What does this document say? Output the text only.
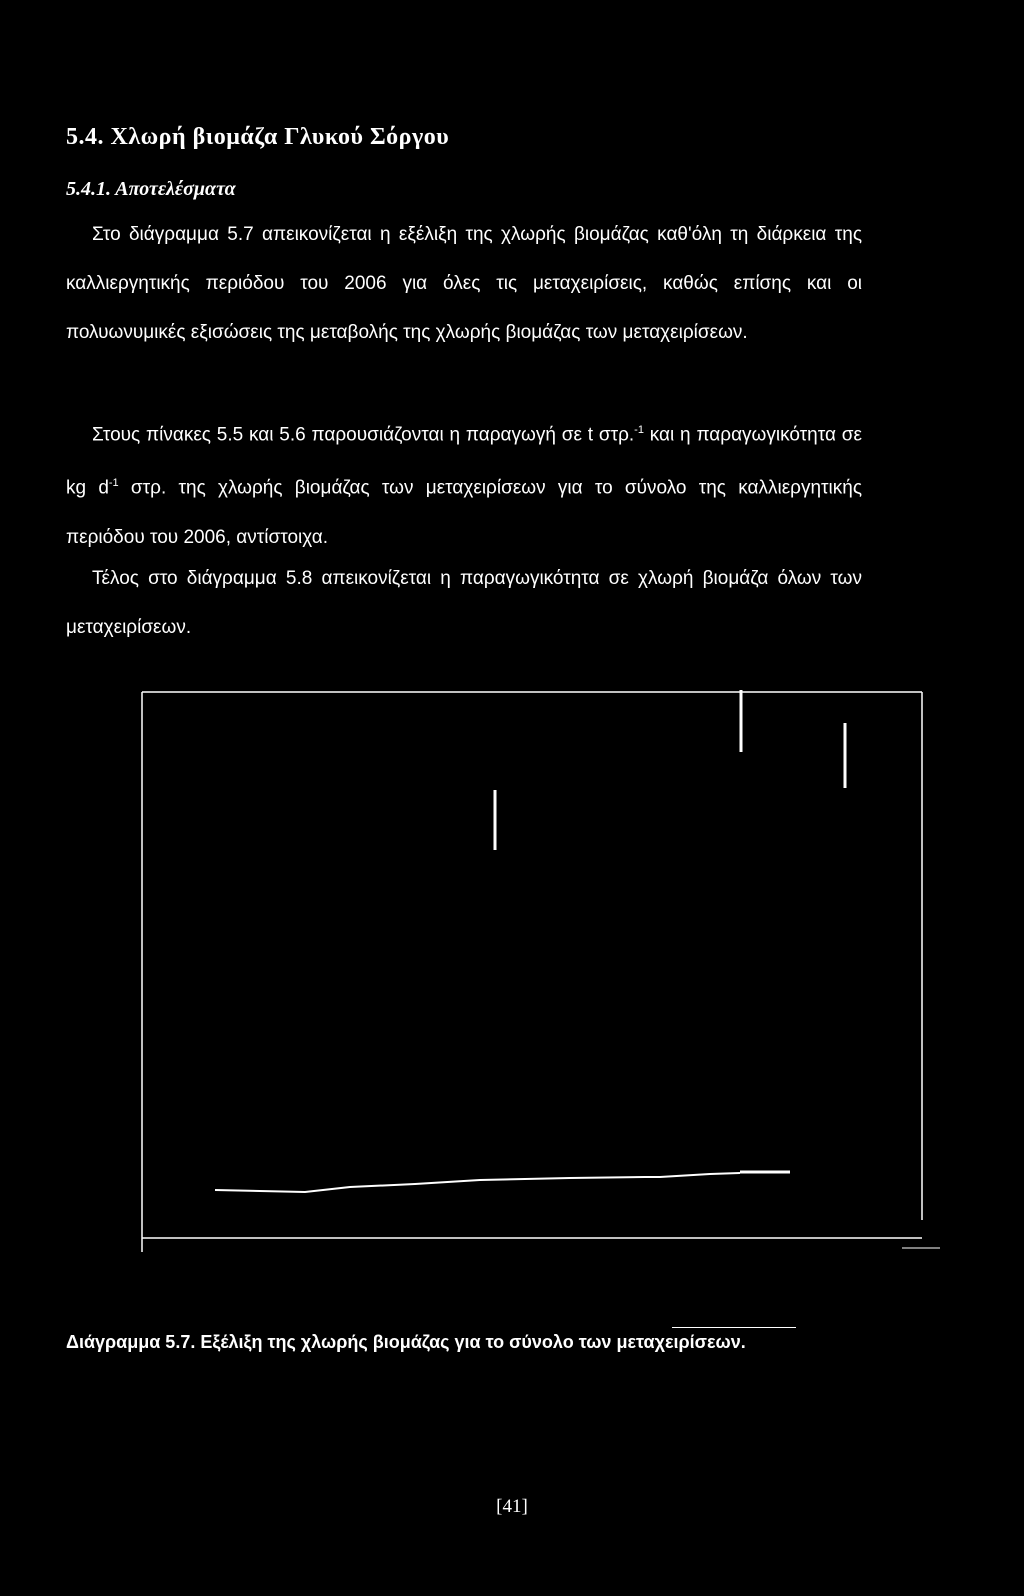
5.4. Χλωρή βιομάζα Γλυκού Σόργου
5.4.1. Αποτελέσματα

Στο διάγραμμα 5.7 απεικονίζεται η εξέλιξη της χλωρής βιομάζας καθ'όλη τη διάρκεια της καλλιεργητικής περιόδου του 2006 για όλες τις μεταχειρίσεις, καθώς επίσης και οι πολυωνυμικές εξισώσεις της μεταβολής της χλωρής βιομάζας των μεταχειρίσεων.

Στους πίνακες 5.5 και 5.6 παρουσιάζονται η παραγωγή σε t στρ.$^{-1}$ και η παραγωγικότητα σε kg $d^{-1}$ στρ. της χλωρής βιομάζας των μεταχειρίσεων για το σύνολο της καλλιεργητικής περιόδου του 2006, αντίστοιχα.

Τέλος στο διάγραμμα 5.8 απεικονίζεται η παραγωγικότητα σε χλωρή βιομάζα όλων των μεταχειρίσεων.

Διάγραμμα 5.7. Εξέλιξη της χλωρής βιομάζας για το σύνολο των μεταχειρίσεων.
[41]
